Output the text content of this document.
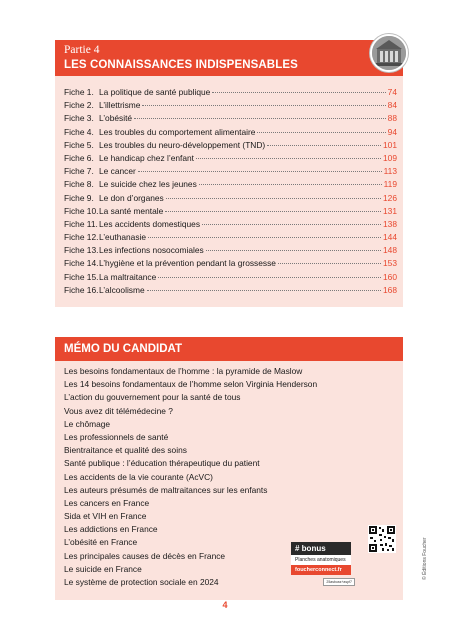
Partie 4
LES CONNAISSANCES INDISPENSABLES
Fiche 1. La politique de santé publique	74
Fiche 2. L’illettrisme	84
Fiche 3. L’obésité	88
Fiche 4. Les troubles du comportement alimentaire	94
Fiche 5. Les troubles du neuro-développement (TND)	101
Fiche 6. Le handicap chez l’enfant	109
Fiche 7. Le cancer	113
Fiche 8. Le suicide chez les jeunes	119
Fiche 9. Le don d’organes	126
Fiche 10. La santé mentale	131
Fiche 11. Les accidents domestiques	138
Fiche 12. L’euthanasie	144
Fiche 13. Les infections nosocomiales	148
Fiche 14. L’hygiène et la prévention pendant la grossesse	153
Fiche 15. La maltraitance	160
Fiche 16. L’alcoolisme	168
MÉMO DU CANDIDAT
Les besoins fondamentaux de l’homme : la pyramide de Maslow
Les 14 besoins fondamentaux de l’homme selon Virginia Henderson
L’action du gouvernement pour la santé de tous
Vous avez dit télémédecine ?
Le chômage
Les professionnels de santé
Bientraitance et qualité des soins
Santé publique : l’éducation thérapeutique du patient
Les accidents de la vie courante (AcVC)
Les auteurs présumés de maltraitances sur les enfants
Les cancers en France
Sida et VIH en France
Les addictions en France
L’obésité en France
Les principales causes de décès en France
Le suicide en France
Le système de protection sociale en 2024
# bonus
Planches anatomiques
foucherconnect.fr
25asbuss+aspf7
© Éditions Foucher
4
